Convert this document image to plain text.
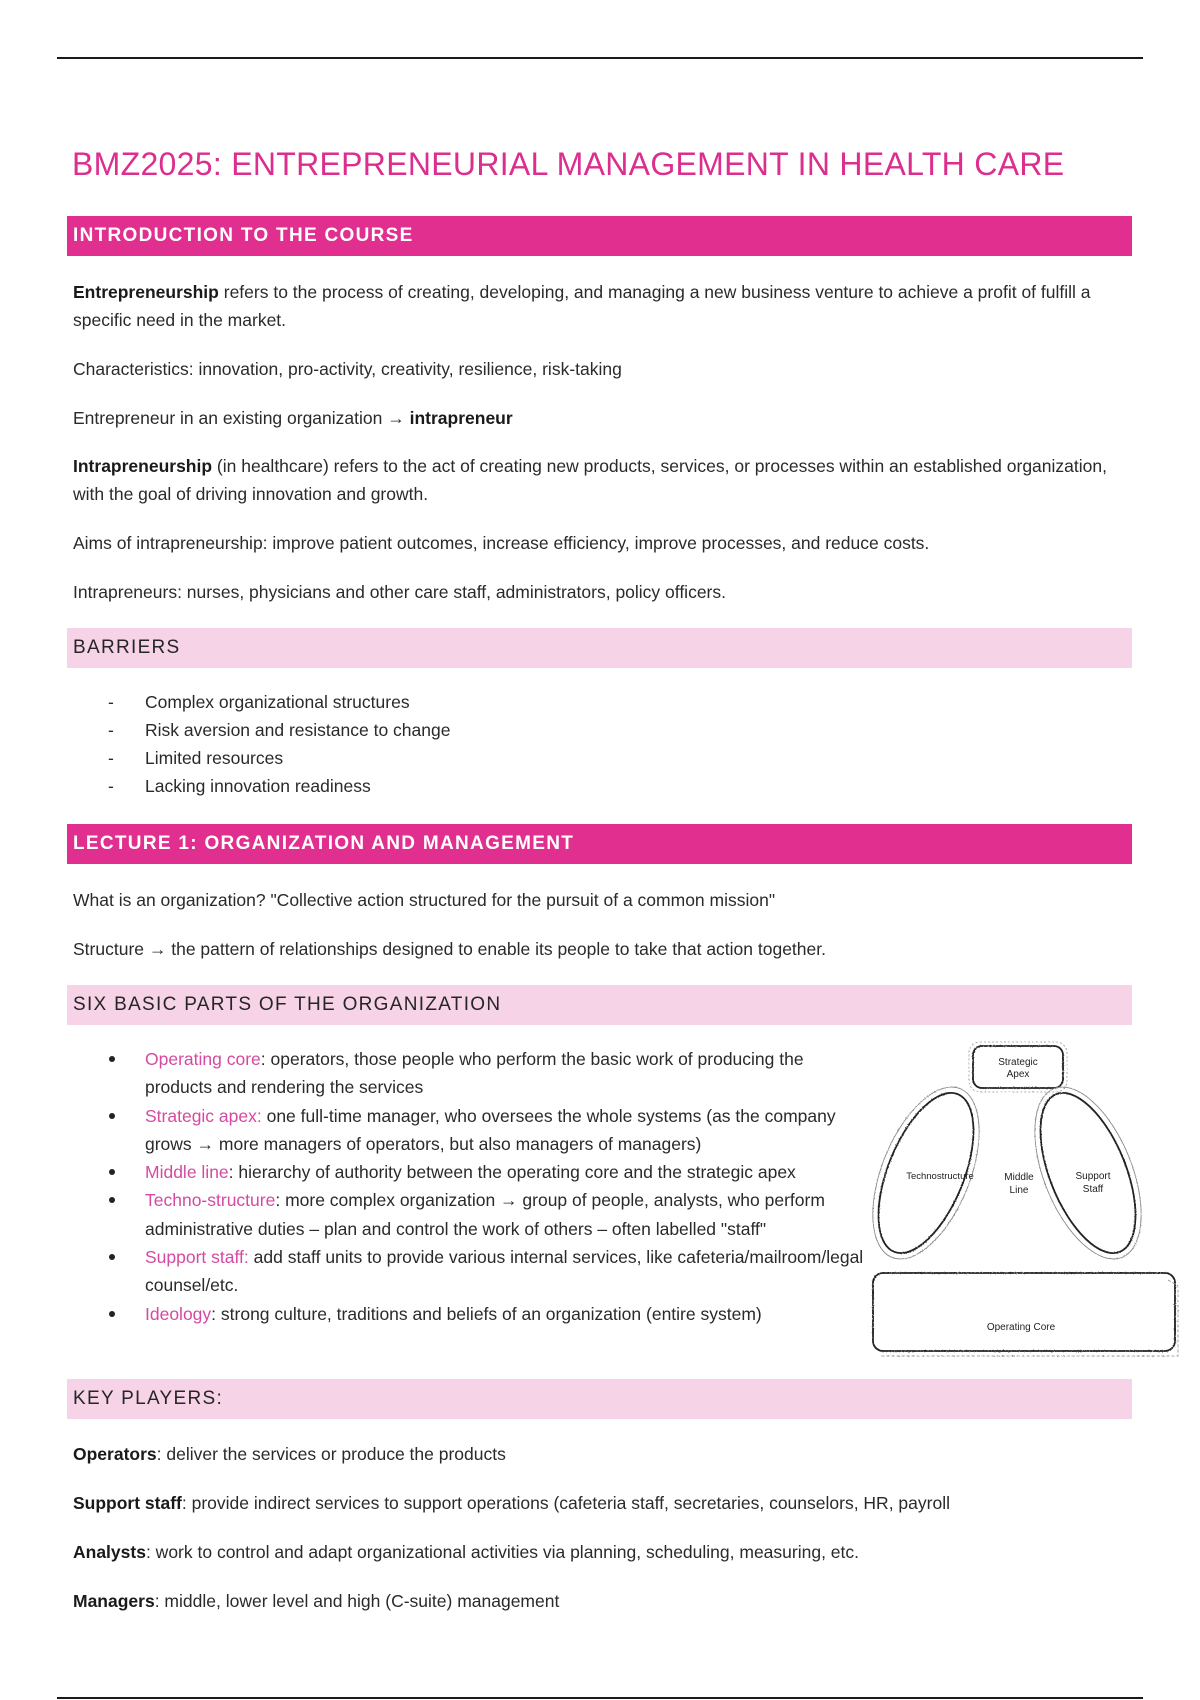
BMZ2025: ENTREPRENEURIAL MANAGEMENT IN HEALTH CARE
INTRODUCTION TO THE COURSE

Entrepreneurship refers to the process of creating, developing, and managing a new business venture to achieve a profit of fulfill a specific need in the market.

Characteristics: innovation, pro-activity, creativity, resilience, risk-taking

Entrepreneur in an existing organization → intrapreneur

Intrapreneurship (in healthcare) refers to the act of creating new products, services, or processes within an established organization, with the goal of driving innovation and growth.

Aims of intrapreneurship: improve patient outcomes, increase efficiency, improve processes, and reduce costs.

Intrapreneurs: nurses, physicians and other care staff, administrators, policy officers.

BARRIERS
- Complex organizational structures
- Risk aversion and resistance to change
- Limited resources
- Lacking innovation readiness
LECTURE 1: ORGANIZATION AND MANAGEMENT

What is an organization? "Collective action structured for the pursuit of a common mission"

Structure → the pattern of relationships designed to enable its people to take that action together.

SIX BASIC PARTS OF THE ORGANIZATION
Operating core: operators, those people who perform the basic work of producing the products and rendering the services
Strategic apex: one full-time manager, who oversees the whole systems (as the company grows → more managers of operators, but also managers of managers)
Middle line: hierarchy of authority between the operating core and the strategic apex
Techno-structure: more complex organization → group of people, analysts, who perform administrative duties – plan and control the work of others – often labelled "staff"
Support staff: add staff units to provide various internal services, like cafeteria/mailroom/legal counsel/etc.
Ideology: strong culture, traditions and beliefs of an organization (entire system)
Strategic
Apex
Technostructure	Middle
Line
Support
Staff
Operating Core
KEY PLAYERS:

Operators: deliver the services or produce the products

Support staff: provide indirect services to support operations (cafeteria staff, secretaries, counselors, HR, payroll

Analysts: work to control and adapt organizational activities via planning, scheduling, measuring, etc.

Managers: middle, lower level and high (C-suite) management
